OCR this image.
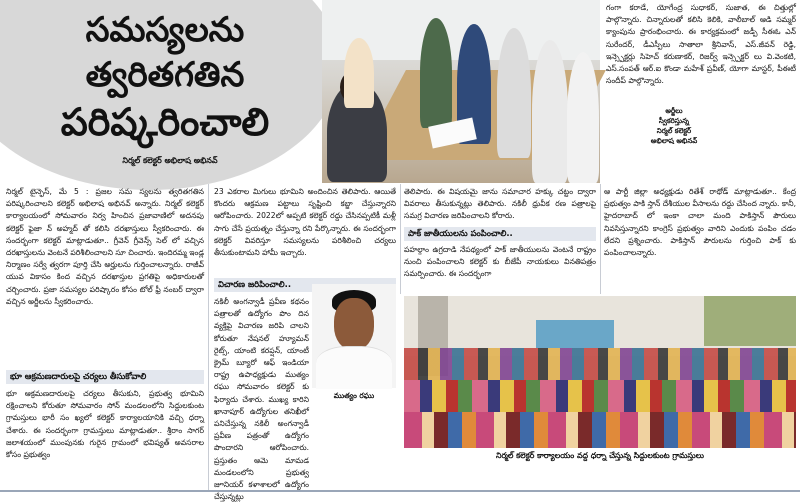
సమస్యలను
త్వరితగతిన
పరిష్కరించాలి
నిర్మల్ కలెక్టర్ అభిలాష అభినవ్
అర్జీలు
స్వీకరిస్తున్న
నిర్మల్ కలెక్టర్
అభిలాష అభినవ్
గంగా కరాడే, యోగేంద్ర సుధాకర్, సుజాత, ఈ చిత్తుల్లో పాల్గొన్నారు. చిన్నారులతో కలిసి కెలికి, వాలీబాల్ ఆడి సమ్మర్ క్యాంపును ప్రారంభించారు. ఈ కార్యక్రమంలో జడ్పీ సీఈఓ ఎన్ సురేందర్, డీఎస్పీలు సాతాలా శ్రీనివాస్, ఎస్.జీవన్ రెడ్డి, ఇన్స్పెక్టర్లు సిహెచ్ కరుణాకర్, రిజర్వ్ ఇన్స్పెక్టర్ లు వి.వెంకటి, ఎస్.సంపత్ ఆర్.ఐ కొండా మహేశ్ ప్రవీణ్, యోగా మాస్టర్, పీఈటీ సందీప్ పాల్గొన్నారు.
నిర్మల్ టైన్ఫెస్, మే 5 : ప్రజల సమ స్యలను త్వరితగతిన పరిష్కరించాలని కలెక్టర్ అభిలాష అభినవ్ అన్నారు. నిర్మల్ కలెక్టర్ కార్యాలయంలో సోమవారం నిర్వ హించిన ప్రజావాణిలో అదనపు కలెక్టర్ ఫైజా న్ అహ్మద్ తో కలిసి దరఖాస్తులు స్వీకరించారు. ఈ సందర్భంగా కలెక్టర్ మాట్లాడుతూ.. గ్రీవెన్ గ్రీవెన్స్ సెల్ లో వచ్చిన దరఖాస్తులను వెంటనే పరిశీలించాలని సూ చించారు. ఇందిరమ్మ ఇండ్ల నిర్మాణం సర్వే త్వరగా పూర్తి చేసి అర్హులను గుర్తించాలన్నారు. రాజీవ్ యువ వికాసం కింద వచ్చిన దరఖాస్తుల ప్రగతిపై అధికారులతో చర్చించారు. ప్రజా సమస్యల పరిష్కారం కోసం టోల్ ఫ్రీ నంబర్ ద్వారా వచ్చిన అర్జీలను స్వీకరించారు.
భూ ఆక్రమణదారులపై చర్యలు తీసుకోవాలి
భూ ఆక్రమణదారులపై చర్యలు తీసుకుని, ప్రభుత్వ భూమిని రక్షించాలని కోరుతూ సోమవారం సోన్ మండలంలోని సిద్దులకుంట గ్రామస్తులు భారీ సం ఖ్యలో కలెక్టర్ కార్యాలయానికి వచ్చి ధర్నా చేశారు. ఈ సందర్భంగా గ్రామస్తులు మాట్లాడుతూ.. శ్రీరాం సాగర్ జలాశయంలో ముంపునకు గురైన గ్రామంలో భవిష్యత్ అవసరాల కోసం ప్రభుత్వం
23 ఎకరాల మిగులు భూమిని అందించిన తెలిపారు. ఆయితే కొందరు ఆక్రమణ పట్టాలు సృష్టించి కబ్జా చేస్తున్నారని ఆరోపించారు. 2022లో అప్పటి కలెక్టర్ రద్దు చేసినప్పటికీ మళ్లీ సాగు చేసే ప్రయత్నం చేస్తున్నా రని పేర్కొన్నారు. ఈ సందర్భంగా కలెక్టర్ వివరిస్తూ సమస్యలను పరిశీలించి చర్యలు తీసుకుంటామని హామీ ఇచ్చారు.
విచారణ జరిపించాలి..
నకిలీ అంగన్వాడీ ప్రవీణ కథనం పత్రాలతో ఉద్యోగం పొం దిన వ్యక్తిపై విచారణ జరిపి చాలని కోరుతూ నేషనల్ హ్యూమన్ రైట్స్, యాంటి కరప్షన్, యాంటీ క్రైమ్ బ్యూరో ఆఫ్ ఇండియా రాష్ట్ర ఉపాధ్యక్షుడు ముత్యం రఘు సోమవారం కలెక్టర్ కు ఫిర్యాదు చేశారు. ముఖ్య కారిని ఖానాపూర్ ఉద్యోగుల తనిఖీలో పనిచేస్తున్న నకిలీ అంగన్వాడీ ప్రవీణ పత్రంతో ఉద్యోగం పొందారని ఆరోపించారు. ప్రస్తుతం ఆమె మామడ మండలంలోని ప్రభుత్వ జూనియర్ కళాశాలలో ఉద్యోగం చేస్తున్నట్లు
ముత్యం రఘు
తెలిపారు. ఈ విషయమై జాను సమాచార హక్కు చట్టం ద్వారా వివరాలు తీసుకున్నట్లు తెలిపారు. నకిలీ ధ్రువీక రణ పత్రాలపై సమగ్ర విచారణ జరిపించాలని కోరారు.
పాక్ జాతీయులను పంపించాలి..
పహల్గాం ఉగ్రదాడి నేపథ్యంలో పాక్ జాతీయులను వెంటనే రాష్ట్రం నుంచి పంపించాలని కలెక్టర్ కు బీజేపీ నాయకులు వినతిపత్రం సమర్పించారు. ఈ సందర్భంగా
ఆ పార్టీ జిల్లా అధ్యక్షుడు రితేశ్ రాథోడ్ మాట్లాడుతూ.. కేంద్ర ప్రభుత్వం పాకి స్తాన్ దేశీయుల వీసాలను రద్దు చేసింద న్నారు. కానీ, హైదరాబాద్ లో ఇంకా చాలా మంది పాకిస్తాన్ పౌరులు నివసిస్తున్నారని కాంగ్రెస్ ప్రభుత్వం వారిని ఎందుకు పంపిం చడం లేదని ప్రశ్నించారు. పాకిస్తాన్ పౌరులను గుర్తించి పాక్ కు పంపించాలన్నారు.
నిర్మల్ కలెక్టర్ కార్యాలయం వద్ద ధర్నా చేస్తున్న సిద్దులకుంట గ్రామస్తులు
